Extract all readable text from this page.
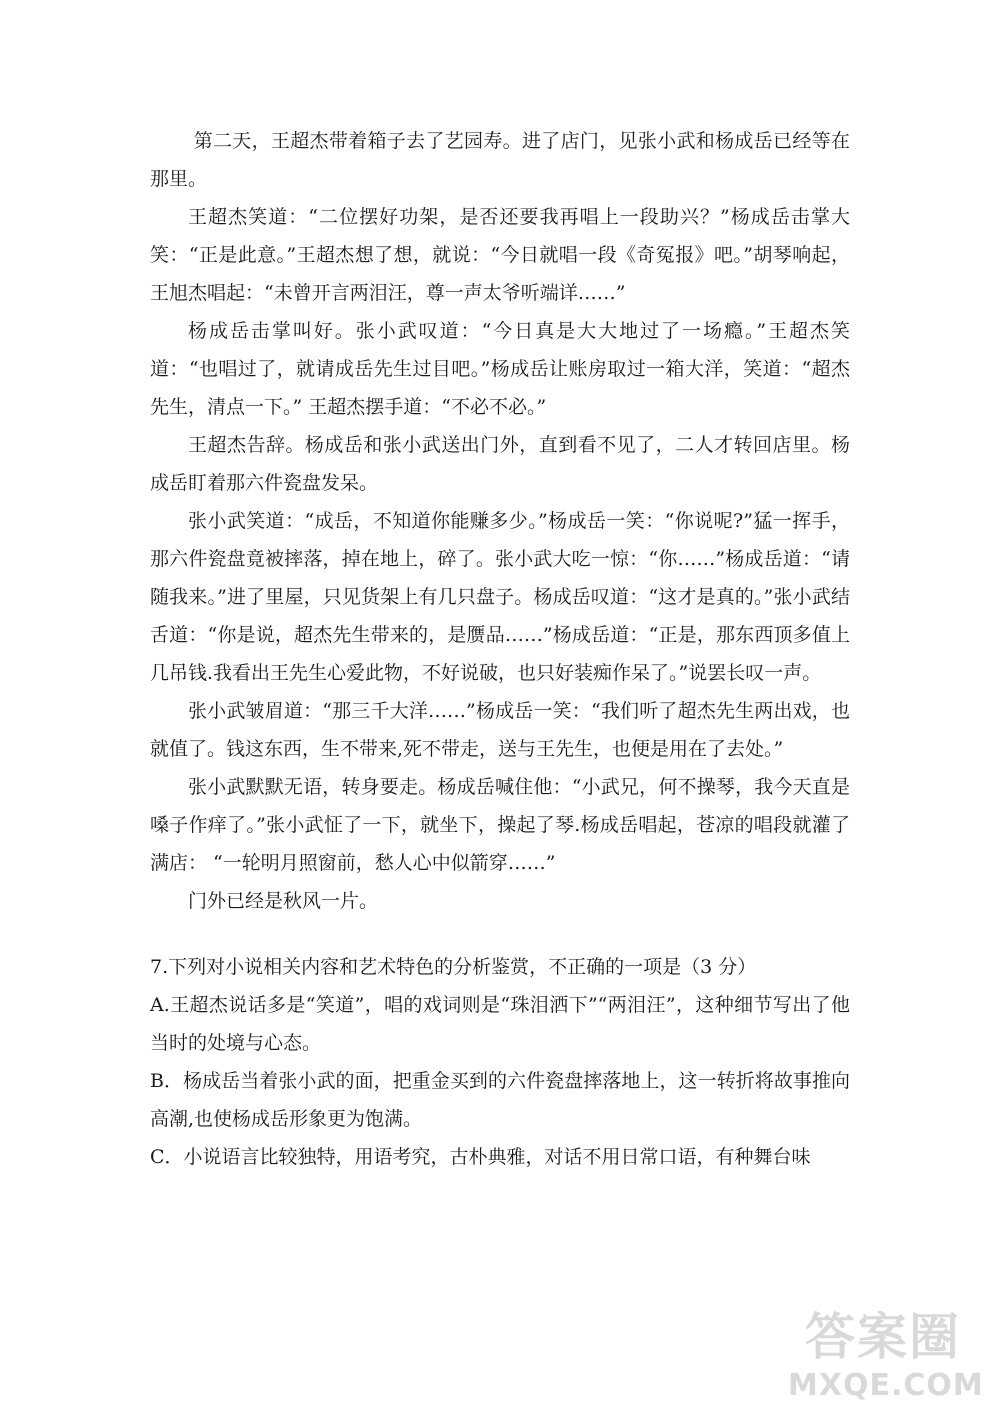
第二天，王超杰带着箱子去了艺园寿。进了店门，见张小武和杨成岳已经等在那里。

王超杰笑道：“二位摆好功架，是否还要我再唱上一段助兴？”杨成岳击掌大笑：“正是此意。”王超杰想了想，就说：“今日就唱一段《奇冤报》吧。”胡琴响起，王旭杰唱起：“未曾开言两泪汪，尊一声太爷听端详……”

杨成岳击掌叫好。张小武叹道：“今日真是大大地过了一场瘾。”王超杰笑道：“也唱过了，就请成岳先生过目吧。”杨成岳让账房取过一箱大洋，笑道：“超杰先生，清点一下。” 王超杰摆手道：“不必不必。”

王超杰告辞。杨成岳和张小武送出门外，直到看不见了，二人才转回店里。杨成岳盯着那六件瓷盘发呆。

张小武笑道：“成岳，不知道你能赚多少。”杨成岳一笑：“你说呢?”猛一挥手，那六件瓷盘竟被摔落，掉在地上，碎了。张小武大吃一惊：“你……”杨成岳道：“请随我来。”进了里屋，只见货架上有几只盘子。杨成岳叹道：“这才是真的。”张小武结舌道：“你是说，超杰先生带来的，是赝品……”杨成岳道：“正是，那东西顶多值上几吊钱.我看出王先生心爱此物，不好说破，也只好装痴作呆了。”说罢长叹一声。

张小武皱眉道：“那三千大洋……”杨成岳一笑：“我们听了超杰先生两出戏，也就值了。钱这东西，生不带来,死不带走，送与王先生，也便是用在了去处。”

张小武默默无语，转身要走。杨成岳喊住他：“小武兄，何不操琴，我今天直是嗓子作痒了。”张小武怔了一下，就坐下，操起了琴.杨成岳唱起，苍凉的唱段就灌了满店： “一轮明月照窗前，愁人心中似箭穿……”

门外已经是秋风一片。

7.下列对小说相关内容和艺术特色的分析鉴赏，不正确的一项是（3 分）

A.王超杰说话多是“笑道”，唱的戏词则是“珠泪洒下”“两泪汪”，这种细节写出了他当时的处境与心态。

B．杨成岳当着张小武的面，把重金买到的六件瓷盘摔落地上，这一转折将故事推向高潮,也使杨成岳形象更为饱满。

C．小说语言比较独特，用语考究，古朴典雅，对话不用日常口语，有种舞台味

答案圈
MXQE.COM
